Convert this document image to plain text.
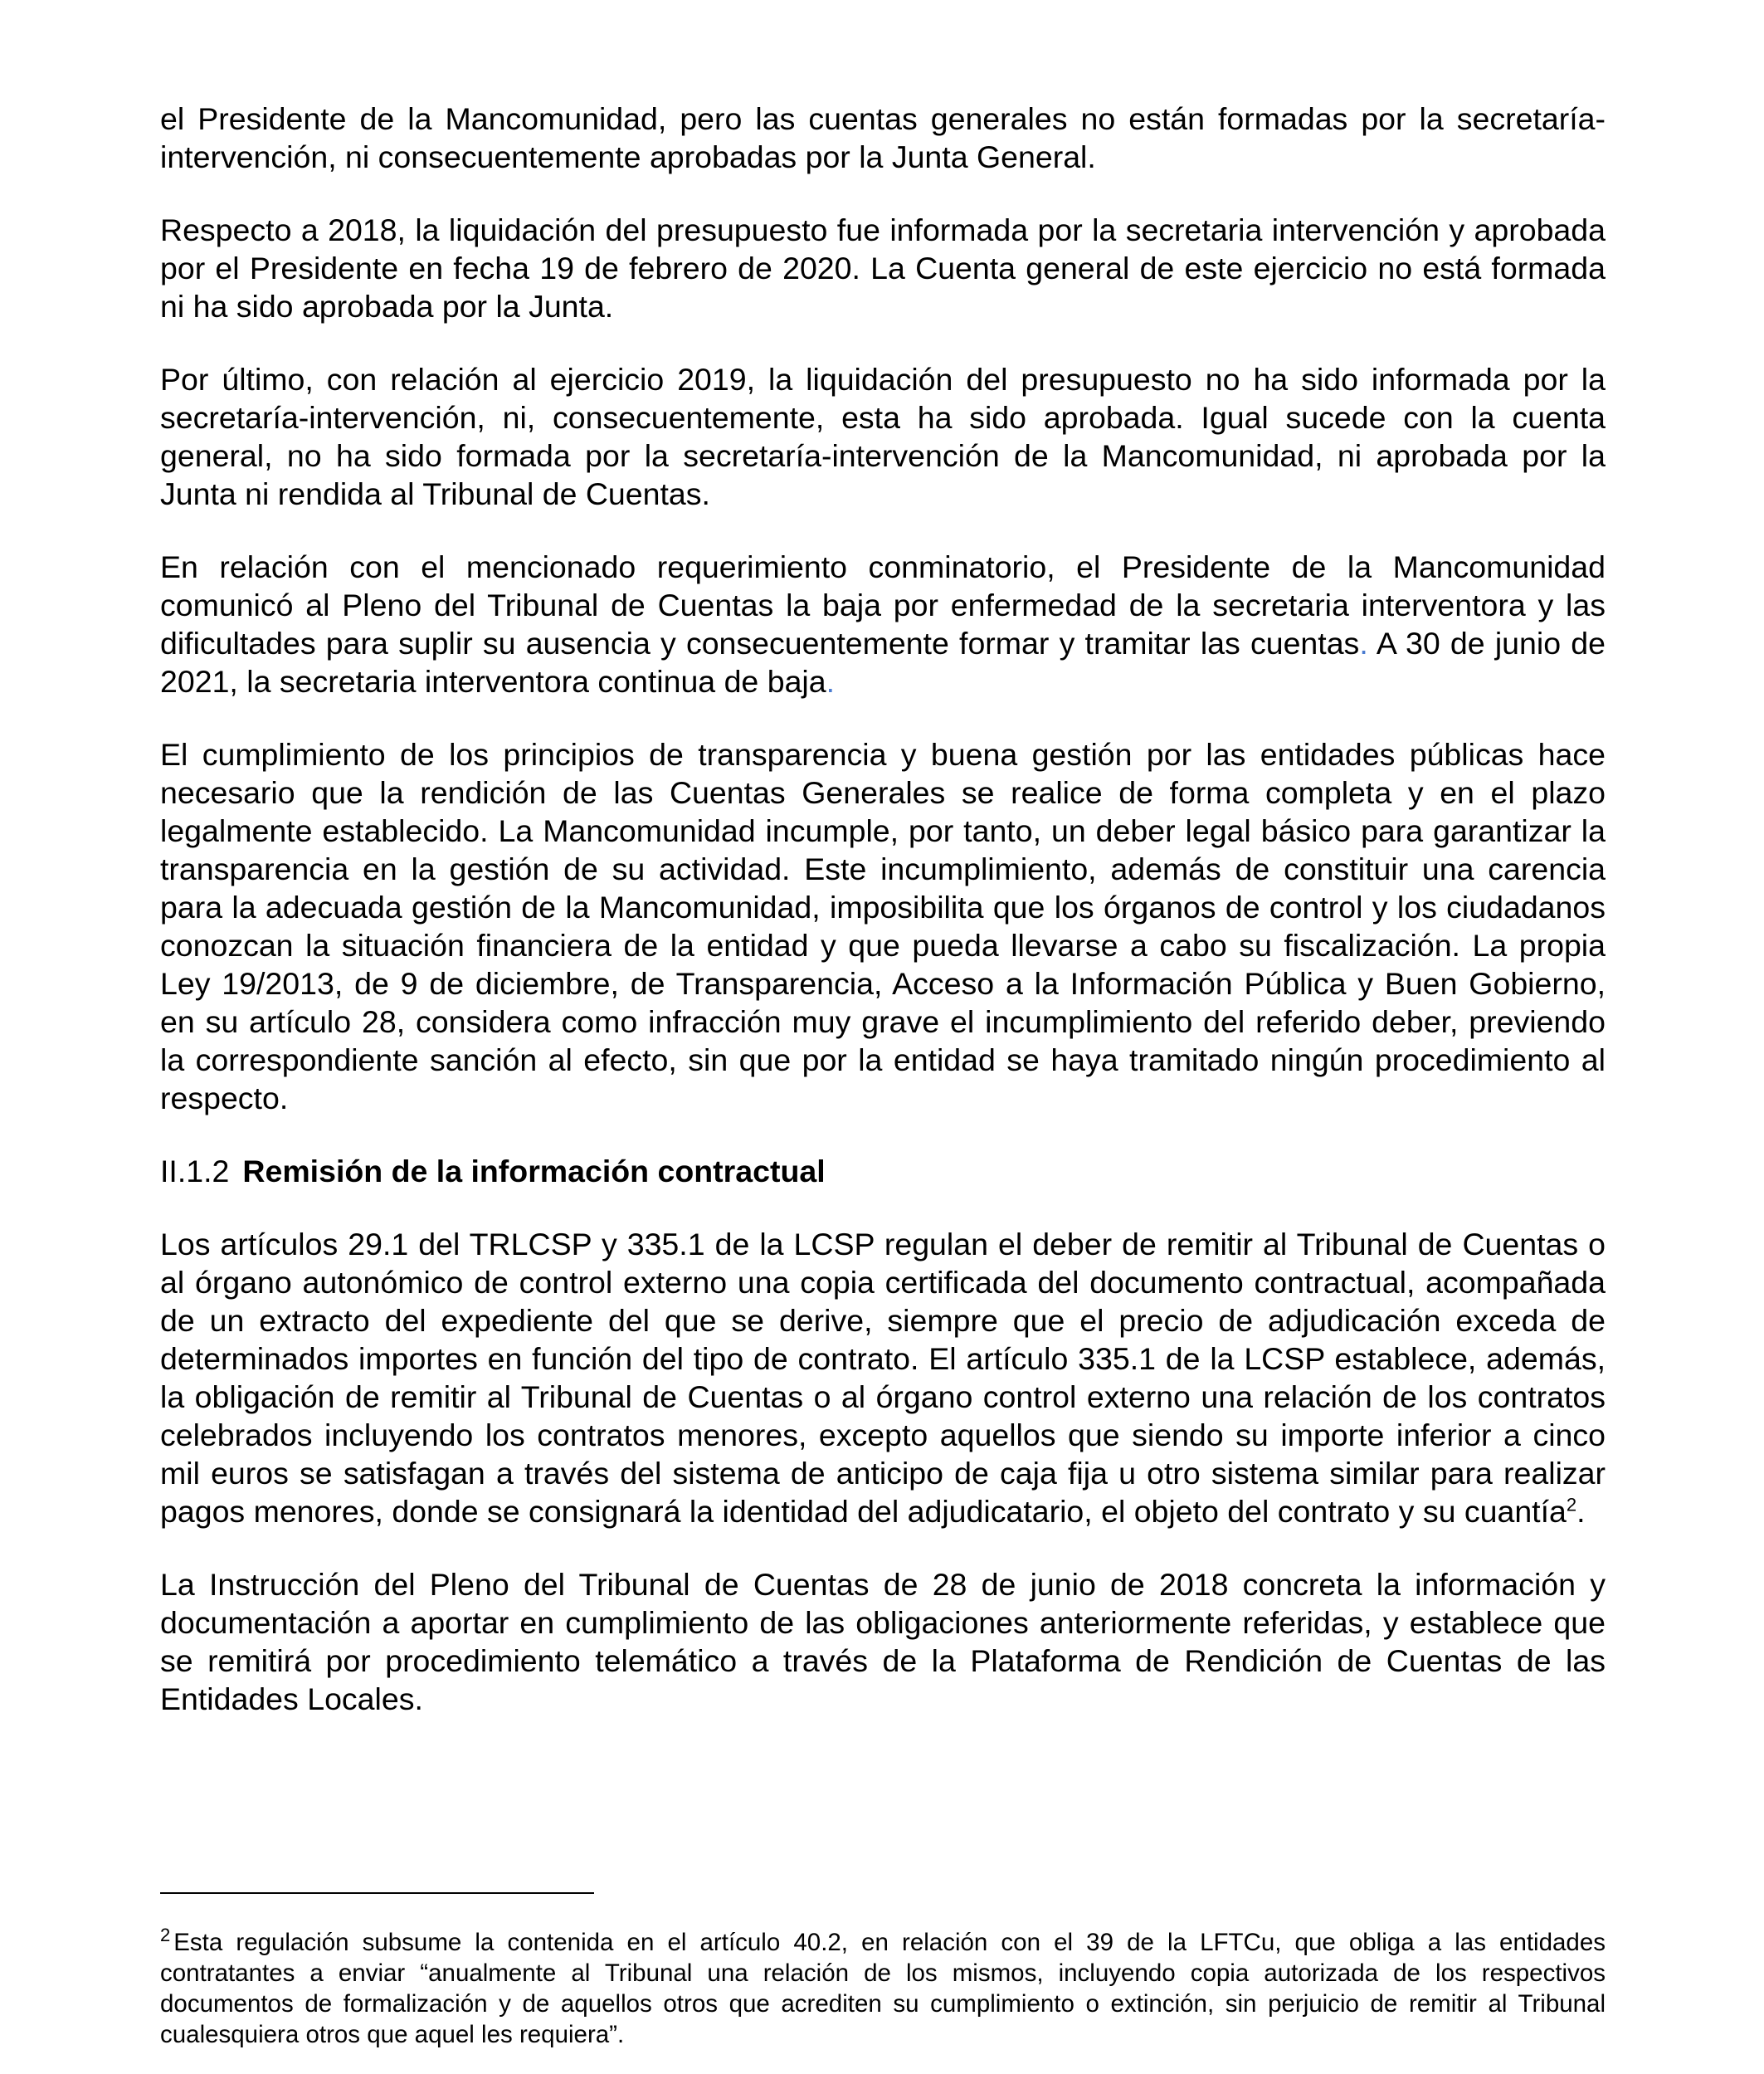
el Presidente de la Mancomunidad, pero las cuentas generales no están formadas por la secretaría-intervención, ni consecuentemente aprobadas por la Junta General.

Respecto a 2018, la liquidación del presupuesto fue informada por la secretaria intervención y aprobada por el Presidente en fecha 19 de febrero de 2020. La Cuenta general de este ejercicio no está formada ni ha sido aprobada por la Junta.

Por último, con relación al ejercicio 2019, la liquidación del presupuesto no ha sido informada por la secretaría-intervención, ni, consecuentemente, esta ha sido aprobada. Igual sucede con la cuenta general, no ha sido formada por la secretaría-intervención de la Mancomunidad, ni aprobada por la Junta ni rendida al Tribunal de Cuentas.

En relación con el mencionado requerimiento conminatorio, el Presidente de la Mancomunidad comunicó al Pleno del Tribunal de Cuentas la baja por enfermedad de la secretaria interventora y las dificultades para suplir su ausencia y consecuentemente formar y tramitar las cuentas. A 30 de junio de 2021, la secretaria interventora continua de baja.

El cumplimiento de los principios de transparencia y buena gestión por las entidades públicas hace necesario que la rendición de las Cuentas Generales se realice de forma completa y en el plazo legalmente establecido. La Mancomunidad incumple, por tanto, un deber legal básico para garantizar la transparencia en la gestión de su actividad. Este incumplimiento, además de constituir una carencia para la adecuada gestión de la Mancomunidad, imposibilita que los órganos de control y los ciudadanos conozcan la situación financiera de la entidad y que pueda llevarse a cabo su fiscalización. La propia Ley 19/2013, de 9 de diciembre, de Transparencia, Acceso a la Información Pública y Buen Gobierno, en su artículo 28, considera como infracción muy grave el incumplimiento del referido deber, previendo la correspondiente sanción al efecto, sin que por la entidad se haya tramitado ningún procedimiento al respecto.

II.1.2 Remisión de la información contractual

Los artículos 29.1 del TRLCSP y 335.1 de la LCSP regulan el deber de remitir al Tribunal de Cuentas o al órgano autonómico de control externo una copia certificada del documento contractual, acompañada de un extracto del expediente del que se derive, siempre que el precio de adjudicación exceda de determinados importes en función del tipo de contrato. El artículo 335.1 de la LCSP establece, además, la obligación de remitir al Tribunal de Cuentas o al órgano control externo una relación de los contratos celebrados incluyendo los contratos menores, excepto aquellos que siendo su importe inferior a cinco mil euros se satisfagan a través del sistema de anticipo de caja fija u otro sistema similar para realizar pagos menores, donde se consignará la identidad del adjudicatario, el objeto del contrato y su cuantía$^2$.

La Instrucción del Pleno del Tribunal de Cuentas de 28 de junio de 2018 concreta la información y documentación a aportar en cumplimiento de las obligaciones anteriormente referidas, y establece que se remitirá por procedimiento telemático a través de la Plataforma de Rendición de Cuentas de las Entidades Locales.

$^2$ Esta regulación subsume la contenida en el artículo 40.2, en relación con el 39 de la LFTCu, que obliga a las entidades contratantes a enviar “anualmente al Tribunal una relación de los mismos, incluyendo copia autorizada de los respectivos documentos de formalización y de aquellos otros que acrediten su cumplimiento o extinción, sin perjuicio de remitir al Tribunal cualesquiera otros que aquel les requiera”.
